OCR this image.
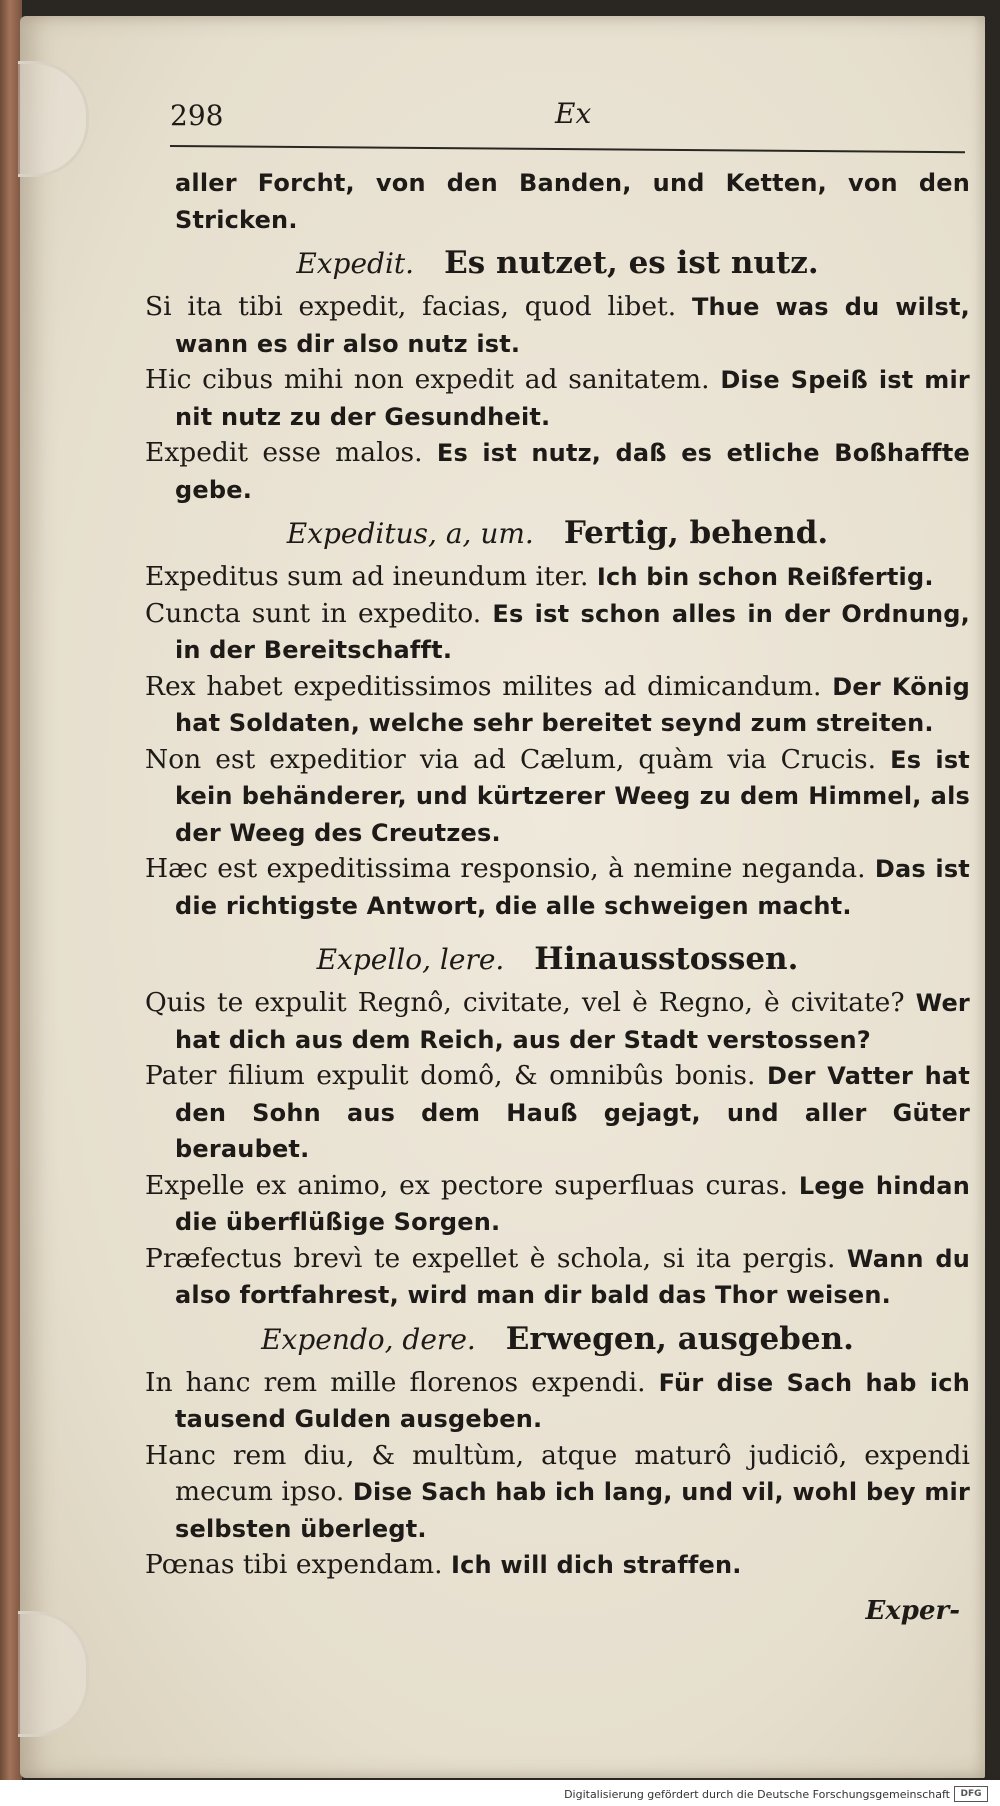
298	Ex

aller Forcht, von den Banden, und Ketten, von den Stricken.

Expedit. Es nutzet, es ist nutz.

Si ita tibi expedit, facias, quod libet. Thue was du wilst, wann es dir also nutz ist.

Hic cibus mihi non expedit ad sanitatem. Dise Speiß ist mir nit nutz zu der Gesundheit.

Expedit esse malos. Es ist nutz, daß es etliche Boßhaffte gebe.

Expeditus, a, um. Fertig, behend.

Expeditus sum ad ineundum iter. Ich bin schon Reißfertig.

Cuncta sunt in expedito. Es ist schon alles in der Ordnung, in der Bereitschafft.

Rex habet expeditissimos milites ad dimicandum. Der König hat Soldaten, welche sehr bereitet seynd zum streiten.

Non est expeditior via ad Cælum, quàm via Crucis. Es ist kein behänderer, und kürtzerer Weeg zu dem Himmel, als der Weeg des Creutzes.

Hæc est expeditissima responsio, à nemine neganda. Das ist die richtigste Antwort, die alle schweigen macht.

Expello, lere. Hinausstossen.

Quis te expulit Regnô, civitate, vel è Regno, è civitate? Wer hat dich aus dem Reich, aus der Stadt verstossen?

Pater filium expulit domô, & omnibûs bonis. Der Vatter hat den Sohn aus dem Hauß gejagt, und aller Güter beraubet.

Expelle ex animo, ex pectore superfluas curas. Lege hindan die überflüßige Sorgen.

Præfectus brevì te expellet è schola, si ita pergis. Wann du also fortfahrest, wird man dir bald das Thor weisen.

Expendo, dere. Erwegen, ausgeben.

In hanc rem mille florenos expendi. Für dise Sach hab ich tausend Gulden ausgeben.

Hanc rem diu, & multùm, atque maturô judiciô, expendi mecum ipso. Dise Sach hab ich lang, und vil, wohl bey mir selbsten überlegt.

Pœnas tibi expendam. Ich will dich straffen.

Exper-
Digitalisierung gefördert durch die Deutsche Forschungsgemeinschaft	DFG
